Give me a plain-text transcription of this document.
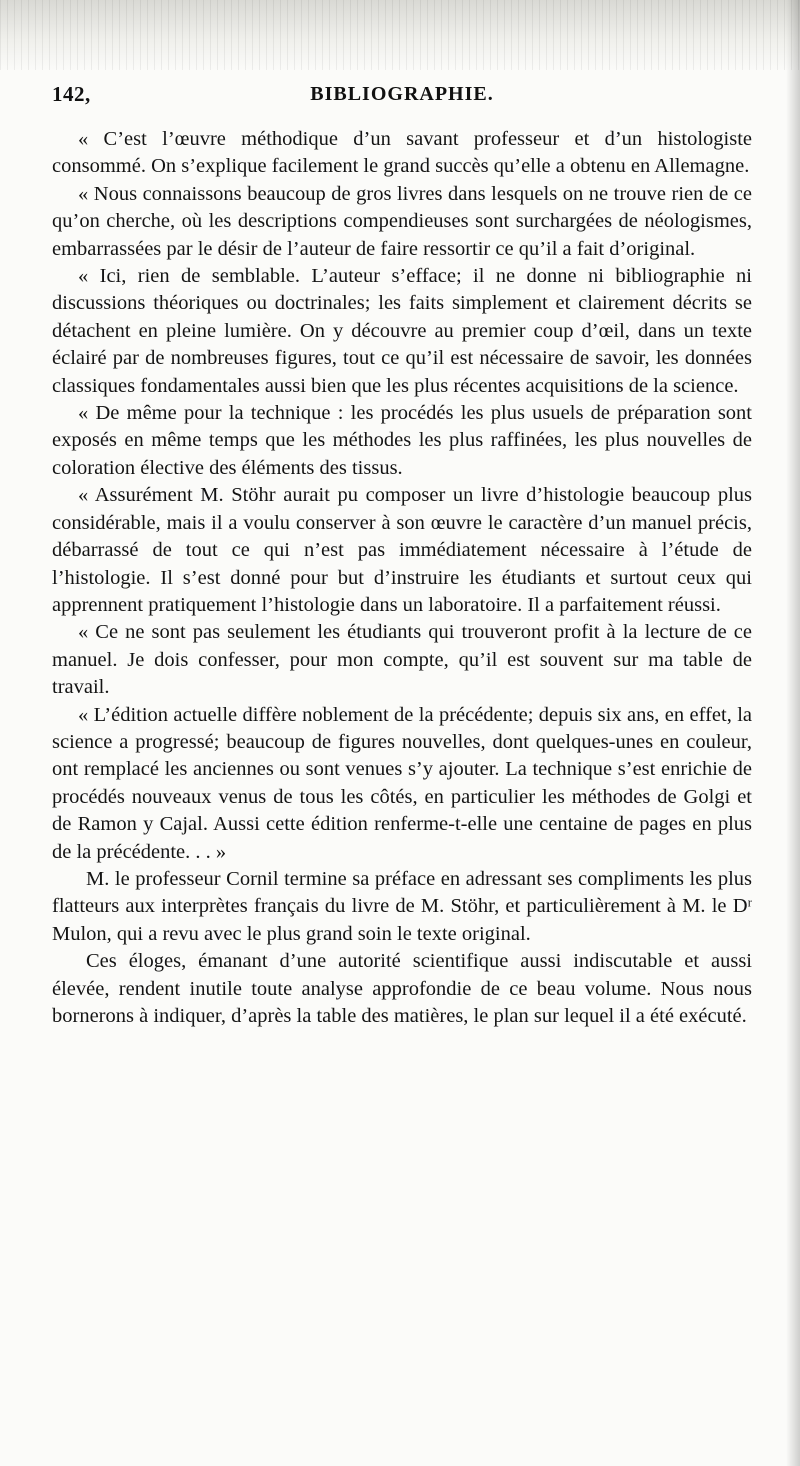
142,	BIBLIOGRAPHIE.

« C’est l’œuvre méthodique d’un savant professeur et d’un histologiste consommé. On s’explique facilement le grand succès qu’elle a obtenu en Allemagne.

« Nous connaissons beaucoup de gros livres dans lesquels on ne trouve rien de ce qu’on cherche, où les descriptions compendieuses sont surchargées de néologismes, embarrassées par le désir de l’auteur de faire ressortir ce qu’il a fait d’original.

« Ici, rien de semblable. L’auteur s’efface; il ne donne ni bibliographie ni discussions théoriques ou doctrinales; les faits simplement et clairement décrits se détachent en pleine lumière. On y découvre au premier coup d’œil, dans un texte éclairé par de nombreuses figures, tout ce qu’il est nécessaire de savoir, les données classiques fondamentales aussi bien que les plus récentes acquisitions de la science.

« De même pour la technique : les procédés les plus usuels de préparation sont exposés en même temps que les méthodes les plus raffinées, les plus nouvelles de coloration élective des éléments des tissus.

« Assurément M. Stöhr aurait pu composer un livre d’histologie beaucoup plus considérable, mais il a voulu conserver à son œuvre le caractère d’un manuel précis, débarrassé de tout ce qui n’est pas immédiatement nécessaire à l’étude de l’histologie. Il s’est donné pour but d’instruire les étudiants et surtout ceux qui apprennent pratiquement l’histologie dans un laboratoire. Il a parfaitement réussi.

« Ce ne sont pas seulement les étudiants qui trouveront profit à la lecture de ce manuel. Je dois confesser, pour mon compte, qu’il est souvent sur ma table de travail.

« L’édition actuelle diffère noblement de la précédente; depuis six ans, en effet, la science a progressé; beaucoup de figures nouvelles, dont quelques-unes en couleur, ont remplacé les anciennes ou sont venues s’y ajouter. La technique s’est enrichie de procédés nouveaux venus de tous les côtés, en particulier les méthodes de Golgi et de Ramon y Cajal. Aussi cette édition renferme-t-elle une centaine de pages en plus de la précédente. . . »

M. le professeur Cornil termine sa préface en adressant ses compliments les plus flatteurs aux interprètes français du livre de M. Stöhr, et particulièrement à M. le Dʳ Mulon, qui a revu avec le plus grand soin le texte original.

Ces éloges, émanant d’une autorité scientifique aussi indiscutable et aussi élevée, rendent inutile toute analyse approfondie de ce beau volume. Nous nous bornerons à indiquer, d’après la table des matières, le plan sur lequel il a été exécuté.
